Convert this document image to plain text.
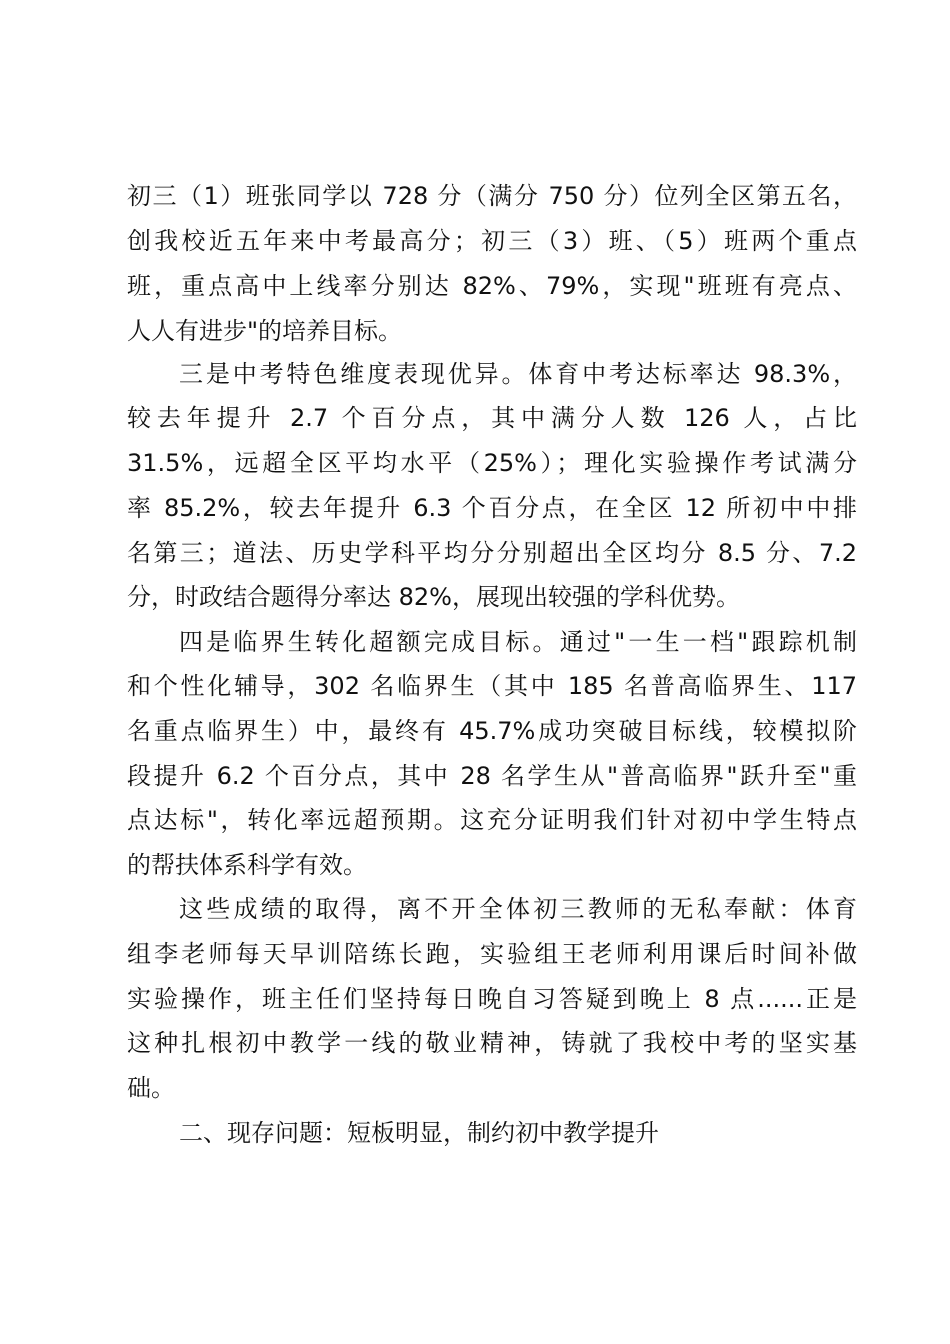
初三（1）班张同学以 728 分（满分 750 分）位列全区第五名，
创我校近五年来中考最高分；初三（3）班、（5）班两个重点
班，重点高中上线率分别达 82%、79%，实现"班班有亮点、
人人有进步"的培养目标。
三是中考特色维度表现优异。体育中考达标率达 98.3%，
较去年提升 2.7 个百分点，其中满分人数 126 人，占比
31.5%，远超全区平均水平（25%）；理化实验操作考试满分
率 85.2%，较去年提升 6.3 个百分点，在全区 12 所初中中排
名第三；道法、历史学科平均分分别超出全区均分 8.5 分、7.2
分，时政结合题得分率达 82%，展现出较强的学科优势。
四是临界生转化超额完成目标。通过"一生一档"跟踪机制
和个性化辅导，302 名临界生（其中 185 名普高临界生、117
名重点临界生）中，最终有 45.7%成功突破目标线，较模拟阶
段提升 6.2 个百分点，其中 28 名学生从"普高临界"跃升至"重
点达标"，转化率远超预期。这充分证明我们针对初中学生特点
的帮扶体系科学有效。
这些成绩的取得，离不开全体初三教师的无私奉献：体育
组李老师每天早训陪练长跑，实验组王老师利用课后时间补做
实验操作，班主任们坚持每日晚自习答疑到晚上 8 点......正是
这种扎根初中教学一线的敬业精神，铸就了我校中考的坚实基
础。
二、现存问题：短板明显，制约初中教学提升
